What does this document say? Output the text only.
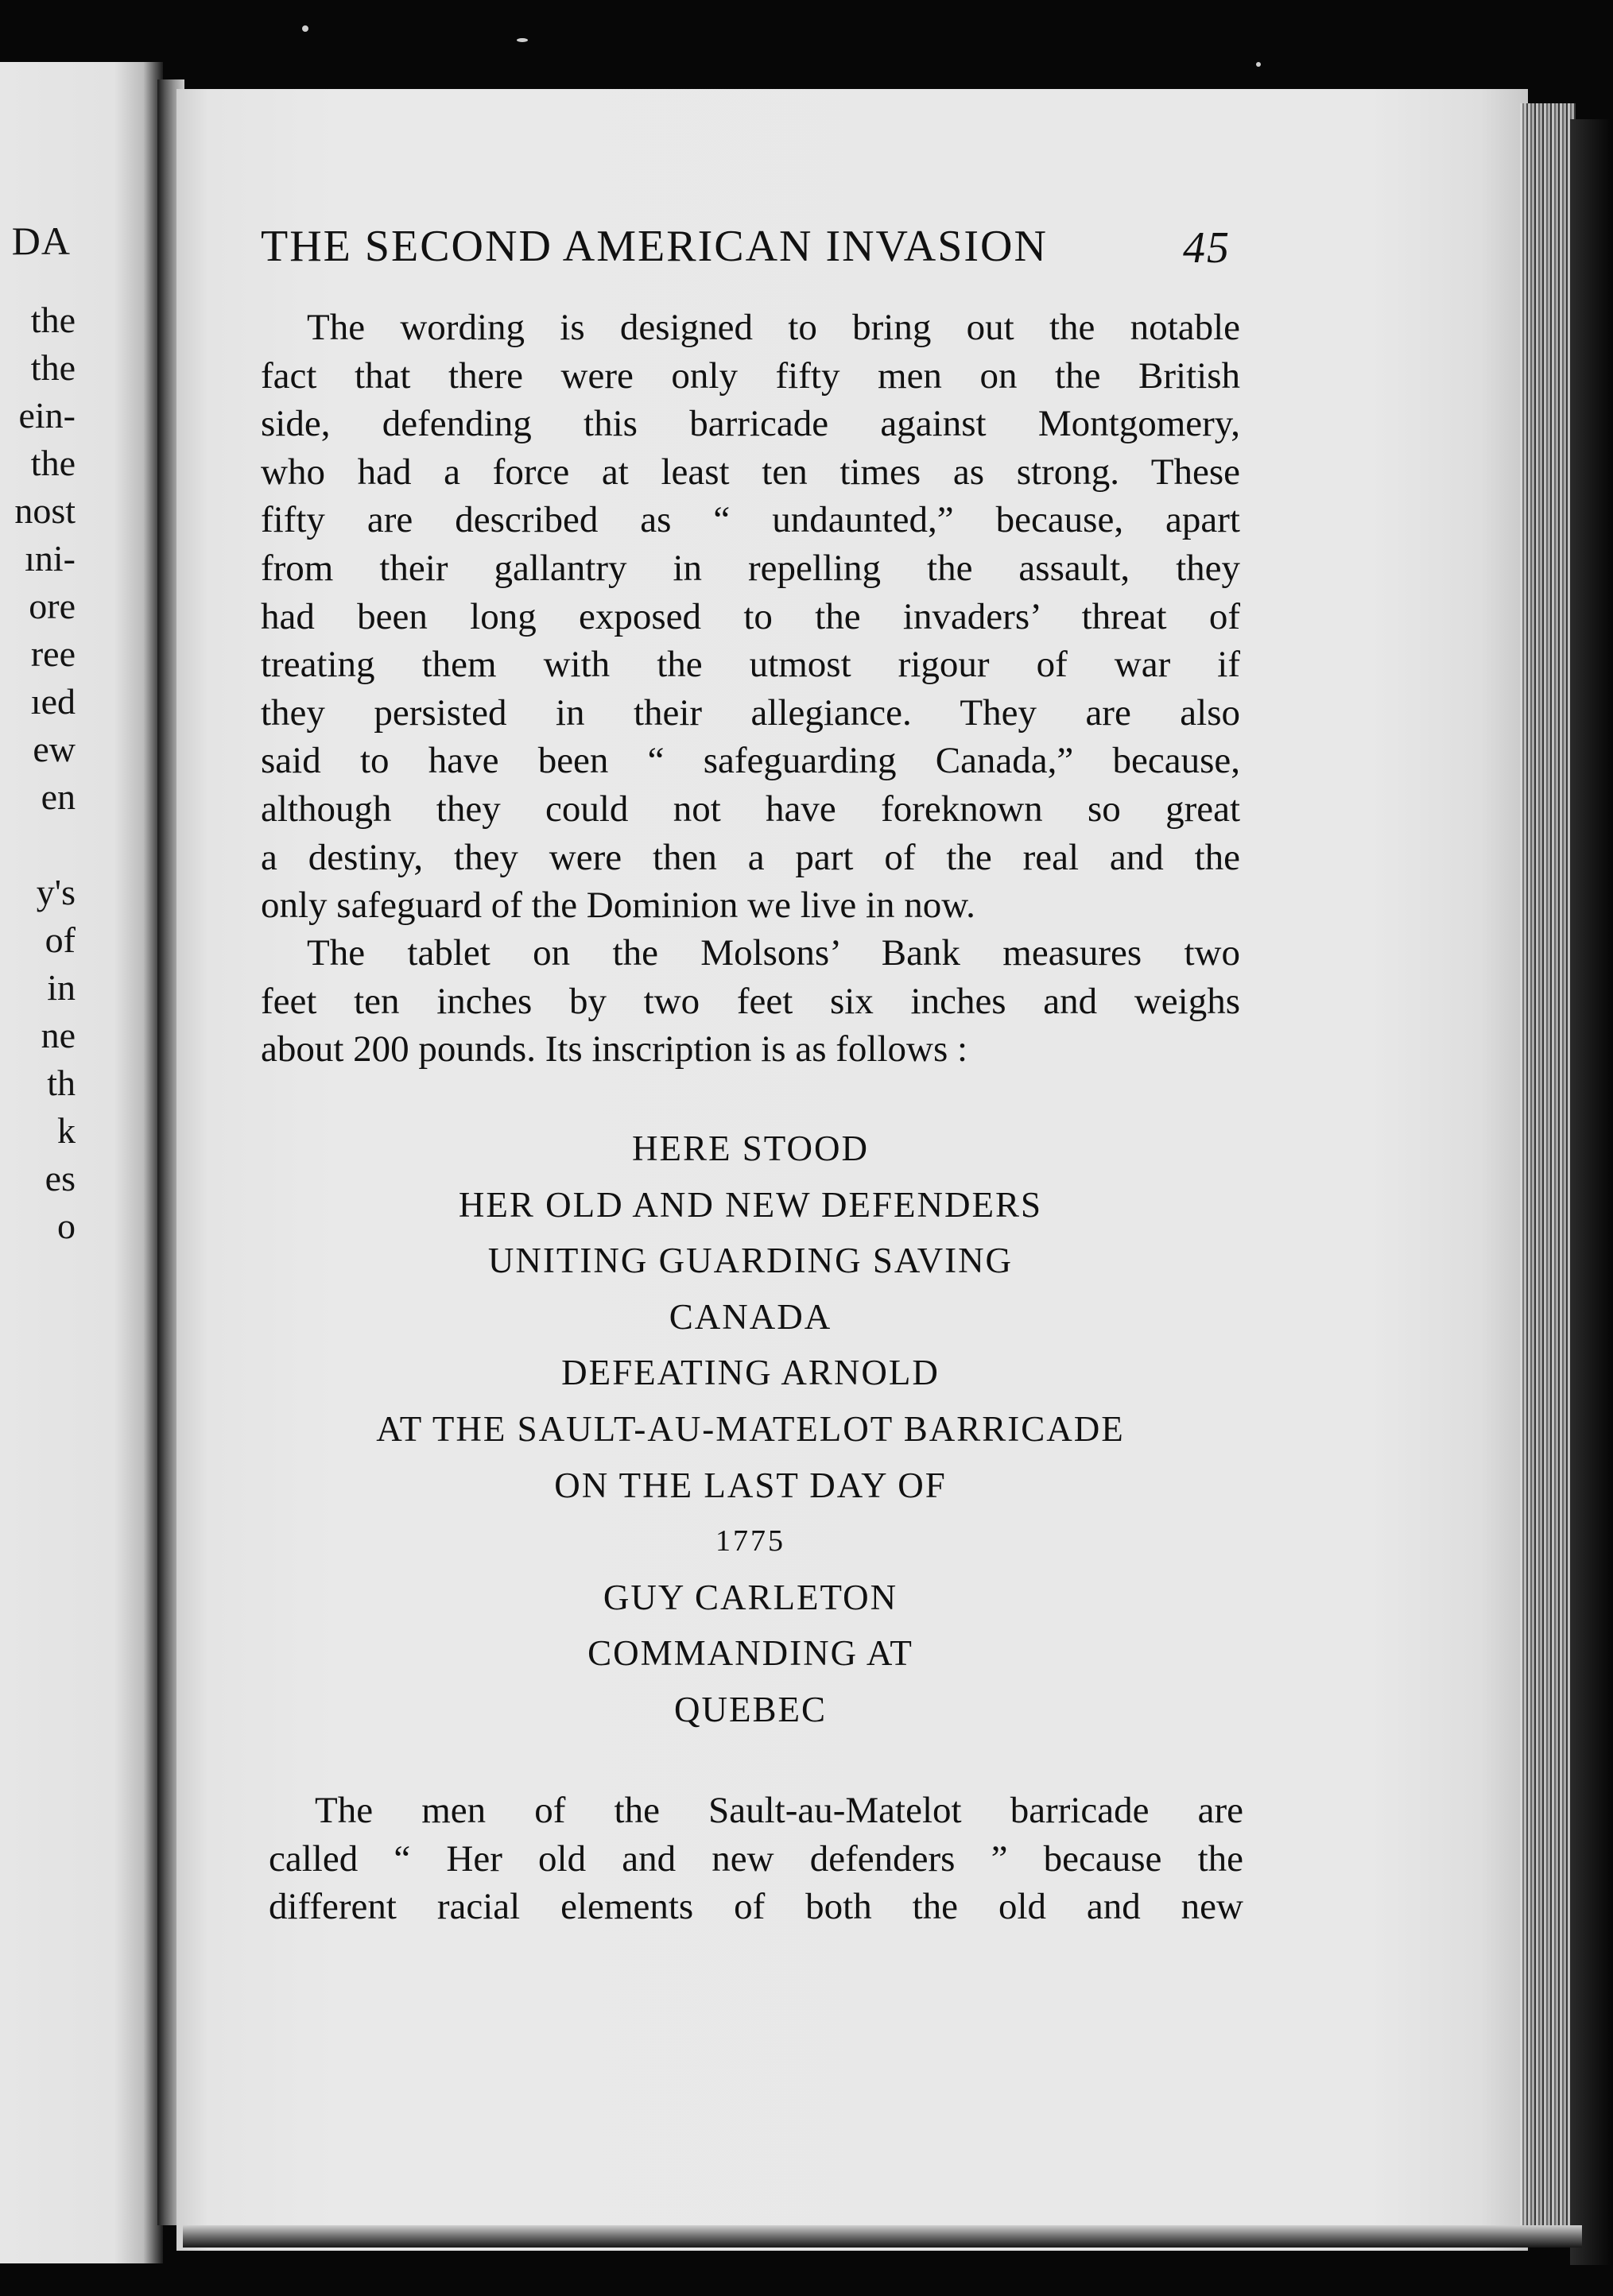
DA
the
the
ein-
the
nost
ıni-
ore
ree
ıed
ew
en
y's
of
in
ne
th
k
es
o
THE SECOND AMERICAN INVASION	45
The wording is designed to bring out the notable
fact that there were only fifty men on the British
side, defending this barricade against Montgomery,
who had a force at least ten times as strong. These
fifty are described as “ undaunted,” because, apart
from their gallantry in repelling the assault, they
had been long exposed to the invaders’ threat of
treating them with the utmost rigour of war if
they persisted in their allegiance. They are also
said to have been “ safeguarding Canada,” because,
although they could not have foreknown so great
a destiny, they were then a part of the real and the
only safeguard of the Dominion we live in now.
The tablet on the Molsons’ Bank measures two
feet ten inches by two feet six inches and weighs
about 200 pounds. Its inscription is as follows :
HERE STOOD
HER OLD AND NEW DEFENDERS
UNITING GUARDING SAVING
CANADA
DEFEATING ARNOLD
AT THE SAULT-AU-MATELOT BARRICADE
ON THE LAST DAY OF
1775
GUY CARLETON
COMMANDING AT
QUEBEC
The men of the Sault-au-Matelot barricade are
called “ Her old and new defenders ” because the
different racial elements of both the old and new
